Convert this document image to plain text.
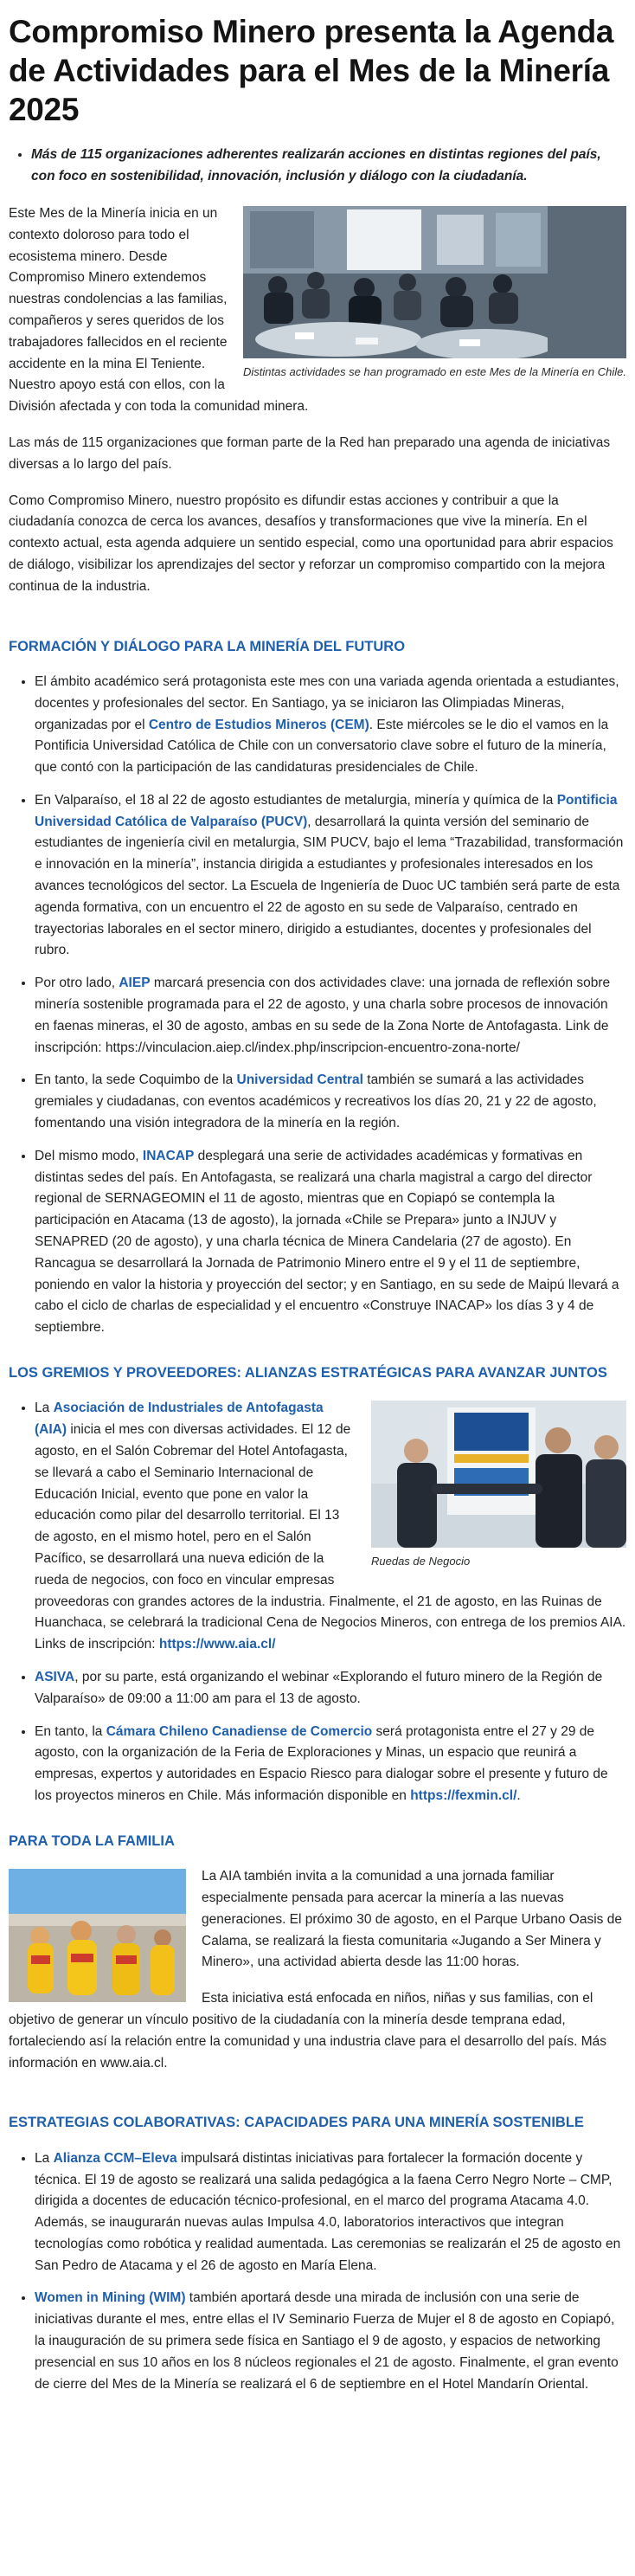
Compromiso Minero presenta la Agenda de Actividades para el Mes de la Minería 2025
• Más de 115 organizaciones adherentes realizarán acciones en distintas regiones del país, con foco en sostenibilidad, innovación, inclusión y diálogo con la ciudadanía.
Distintas actividades se han programado en este Mes de la Minería en Chile.

Este Mes de la Minería inicia en un contexto doloroso para todo el ecosistema minero. Desde Compromiso Minero extendemos nuestras condolencias a las familias, compañeros y seres queridos de los trabajadores fallecidos en el reciente accidente en la mina El Teniente. Nuestro apoyo está con ellos, con la División afectada y con toda la comunidad minera.

Las más de 115 organizaciones que forman parte de la Red han preparado una agenda de iniciativas diversas a lo largo del país.

Como Compromiso Minero, nuestro propósito es difundir estas acciones y contribuir a que la ciudadanía conozca de cerca los avances, desafíos y transformaciones que vive la minería. En el contexto actual, esta agenda adquiere un sentido especial, como una oportunidad para abrir espacios de diálogo, visibilizar los aprendizajes del sector y reforzar un compromiso compartido con la mejora continua de la industria.

FORMACIÓN Y DIÁLOGO PARA LA MINERÍA DEL FUTURO
• El ámbito académico será protagonista este mes con una variada agenda orientada a estudiantes, docentes y profesionales del sector. En Santiago, ya se iniciaron las Olimpiadas Mineras, organizadas por el Centro de Estudios Mineros (CEM). Este miércoles se le dio el vamos en la Pontificia Universidad Católica de Chile con un conversatorio clave sobre el futuro de la minería, que contó con la participación de las candidaturas presidenciales de Chile.
• En Valparaíso, el 18 al 22 de agosto estudiantes de metalurgia, minería y química de la Pontificia Universidad Católica de Valparaíso (PUCV), desarrollará la quinta versión del seminario de estudiantes de ingeniería civil en metalurgia, SIM PUCV, bajo el lema “Trazabilidad, transformación e innovación en la minería”, instancia dirigida a estudiantes y profesionales interesados en los avances tecnológicos del sector. La Escuela de Ingeniería de Duoc UC también será parte de esta agenda formativa, con un encuentro el 22 de agosto en su sede de Valparaíso, centrado en trayectorias laborales en el sector minero, dirigido a estudiantes, docentes y profesionales del rubro.
• Por otro lado, AIEP marcará presencia con dos actividades clave: una jornada de reflexión sobre minería sostenible programada para el 22 de agosto, y una charla sobre procesos de innovación en faenas mineras, el 30 de agosto, ambas en su sede de la Zona Norte de Antofagasta. Link de inscripción: https://vinculacion.aiep.cl/index.php/inscripcion-encuentro-zona-norte/
• En tanto, la sede Coquimbo de la Universidad Central también se sumará a las actividades gremiales y ciudadanas, con eventos académicos y recreativos los días 20, 21 y 22 de agosto, fomentando una visión integradora de la minería en la región.
• Del mismo modo, INACAP desplegará una serie de actividades académicas y formativas en distintas sedes del país. En Antofagasta, se realizará una charla magistral a cargo del director regional de SERNAGEOMIN el 11 de agosto, mientras que en Copiapó se contempla la participación en Atacama (13 de agosto), la jornada «Chile se Prepara» junto a INJUV y SENAPRED (20 de agosto), y una charla técnica de Minera Candelaria (27 de agosto). En Rancagua se desarrollará la Jornada de Patrimonio Minero entre el 9 y el 11 de septiembre, poniendo en valor la historia y proyección del sector; y en Santiago, en su sede de Maipú llevará a cabo el ciclo de charlas de especialidad y el encuentro «Construye INACAP» los días 3 y 4 de septiembre.
LOS GREMIOS Y PROVEEDORES: ALIANZAS ESTRATÉGICAS PARA AVANZAR JUNTOS
• Ruedas de Negocio
La Asociación de Industriales de Antofagasta (AIA) inicia el mes con diversas actividades. El 12 de agosto, en el Salón Cobremar del Hotel Antofagasta, se llevará a cabo el Seminario Internacional de Educación Inicial, evento que pone en valor la educación como pilar del desarrollo territorial. El 13 de agosto, en el mismo hotel, pero en el Salón Pacífico, se desarrollará una nueva edición de la rueda de negocios, con foco en vincular empresas proveedoras con grandes actores de la industria. Finalmente, el 21 de agosto, en las Ruinas de Huanchaca, se celebrará la tradicional Cena de Negocios Mineros, con entrega de los premios AIA. Links de inscripción: https://www.aia.cl/
• ASIVA, por su parte, está organizando el webinar «Explorando el futuro minero de la Región de Valparaíso» de 09:00 a 11:00 am para el 13 de agosto.
• En tanto, la Cámara Chileno Canadiense de Comercio será protagonista entre el 27 y 29 de agosto, con la organización de la Feria de Exploraciones y Minas, un espacio que reunirá a empresas, expertos y autoridades en Espacio Riesco para dialogar sobre el presente y futuro de los proyectos mineros en Chile. Más información disponible en https://fexmin.cl/.
PARA TODA LA FAMILIA

La AIA también invita a la comunidad a una jornada familiar especialmente pensada para acercar la minería a las nuevas generaciones. El próximo 30 de agosto, en el Parque Urbano Oasis de Calama, se realizará la fiesta comunitaria «Jugando a Ser Minera y Minero», una actividad abierta desde las 11:00 horas.

Esta iniciativa está enfocada en niños, niñas y sus familias, con el objetivo de generar un vínculo positivo de la ciudadanía con la minería desde temprana edad, fortaleciendo así la relación entre la comunidad y una industria clave para el desarrollo del país. Más información en www.aia.cl.

ESTRATEGIAS COLABORATIVAS: CAPACIDADES PARA UNA MINERÍA SOSTENIBLE
• La Alianza CCM–Eleva impulsará distintas iniciativas para fortalecer la formación docente y técnica. El 19 de agosto se realizará una salida pedagógica a la faena Cerro Negro Norte – CMP, dirigida a docentes de educación técnico-profesional, en el marco del programa Atacama 4.0. Además, se inaugurarán nuevas aulas Impulsa 4.0, laboratorios interactivos que integran tecnologías como robótica y realidad aumentada. Las ceremonias se realizarán el 25 de agosto en San Pedro de Atacama y el 26 de agosto en María Elena.
• Women in Mining (WIM) también aportará desde una mirada de inclusión con una serie de iniciativas durante el mes, entre ellas el IV Seminario Fuerza de Mujer el 8 de agosto en Copiapó, la inauguración de su primera sede física en Santiago el 9 de agosto, y espacios de networking presencial en sus 10 años en los 8 núcleos regionales el 21 de agosto. Finalmente, el gran evento de cierre del Mes de la Minería se realizará el 6 de septiembre en el Hotel Mandarín Oriental.
